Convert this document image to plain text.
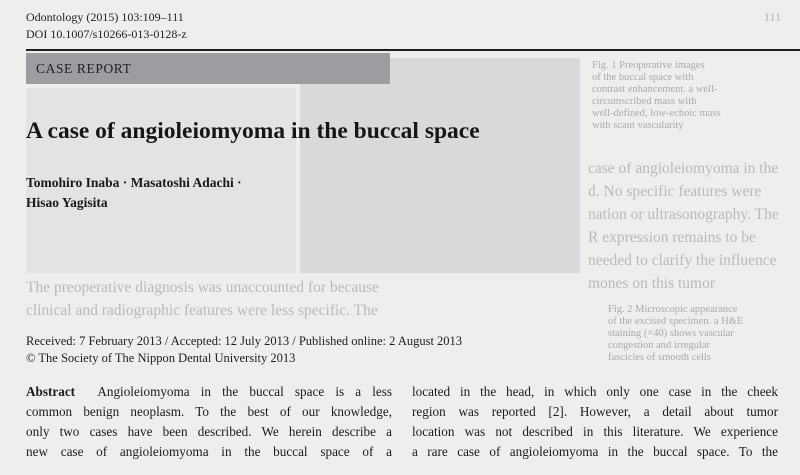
111
Fig. 1 Preoperative images
of the buccal space with
contrast enhancement. a well-
circumscribed mass with
well-defined, low-echoic mass
with scant vascularity
case of angioleiomyoma in the
d. No specific features were
nation or ultrasonography. The
R expression remains to be
needed to clarify the influence
mones on this tumor
The preoperative diagnosis was unaccounted for because
clinical and radiographic features were less specific. The	Fig. 2 Microscopic appearance
of the excised specimen. a H&E
staining (×40) shows vascular
congestion and irregular
fascicles of smooth cells
Odontology (2015) 103:109–111
DOI 10.1007/s10266-013-0128-z
CASE REPORT
A case of angioleiomyoma in the buccal space
Tomohiro Inaba · Masatoshi Adachi ·
Hisao Yagisita
Received: 7 February 2013 / Accepted: 12 July 2013 / Published online: 2 August 2013
© The Society of The Nippon Dental University 2013
Abstract Angioleiomyoma in the buccal space is a less
common benign neoplasm. To the best of our knowledge,
only two cases have been described. We herein describe a
new case of angioleiomyoma in the buccal space of a
located in the head, in which only one case in the cheek
region was reported [2]. However, a detail about tumor
location was not described in this literature. We experience
a rare case of angioleiomyoma in the buccal space. To the
